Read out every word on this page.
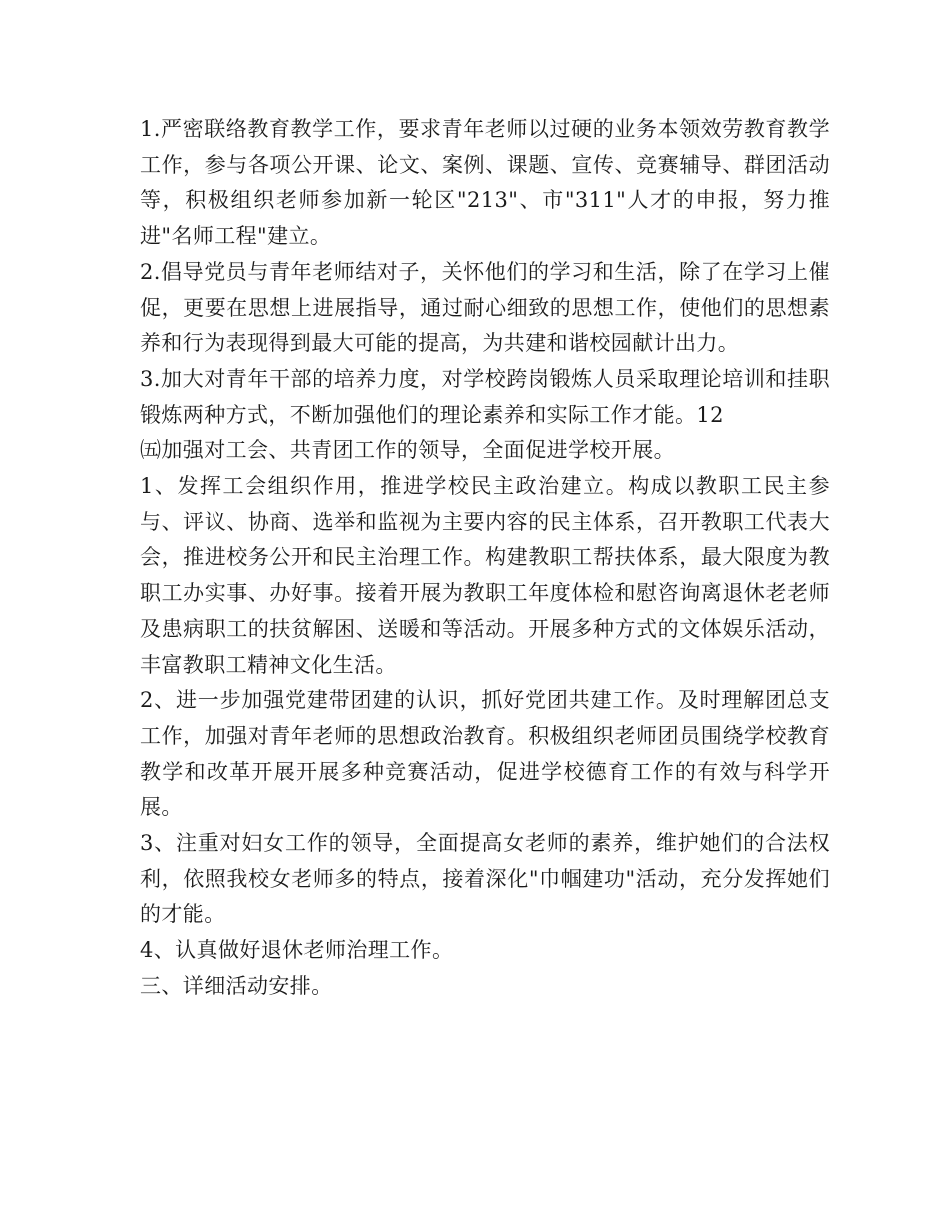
1.严密联络教育教学工作，要求青年老师以过硬的业务本领效劳教育教学工作，参与各项公开课、论文、案例、课题、宣传、竞赛辅导、群团活动等，积极组织老师参加新一轮区"213"、市"311"人才的申报，努力推进"名师工程"建立。

2.倡导党员与青年老师结对子，关怀他们的学习和生活，除了在学习上催促，更要在思想上进展指导，通过耐心细致的思想工作，使他们的思想素养和行为表现得到最大可能的提高，为共建和谐校园献计出力。

3.加大对青年干部的培养力度，对学校跨岗锻炼人员采取理论培训和挂职锻炼两种方式，不断加强他们的理论素养和实际工作才能。12

㈤加强对工会、共青团工作的领导，全面促进学校开展。

1、发挥工会组织作用，推进学校民主政治建立。构成以教职工民主参与、评议、协商、选举和监视为主要内容的民主体系，召开教职工代表大会，推进校务公开和民主治理工作。构建教职工帮扶体系，最大限度为教职工办实事、办好事。接着开展为教职工年度体检和慰咨询离退休老老师及患病职工的扶贫解困、送暖和等活动。开展多种方式的文体娱乐活动，丰富教职工精神文化生活。

2、进一步加强党建带团建的认识，抓好党团共建工作。及时理解团总支工作，加强对青年老师的思想政治教育。积极组织老师团员围绕学校教育教学和改革开展开展多种竞赛活动，促进学校德育工作的有效与科学开展。

3、注重对妇女工作的领导，全面提高女老师的素养，维护她们的合法权利，依照我校女老师多的特点，接着深化"巾帼建功"活动，充分发挥她们的才能。

4、认真做好退休老师治理工作。

三、详细活动安排。
